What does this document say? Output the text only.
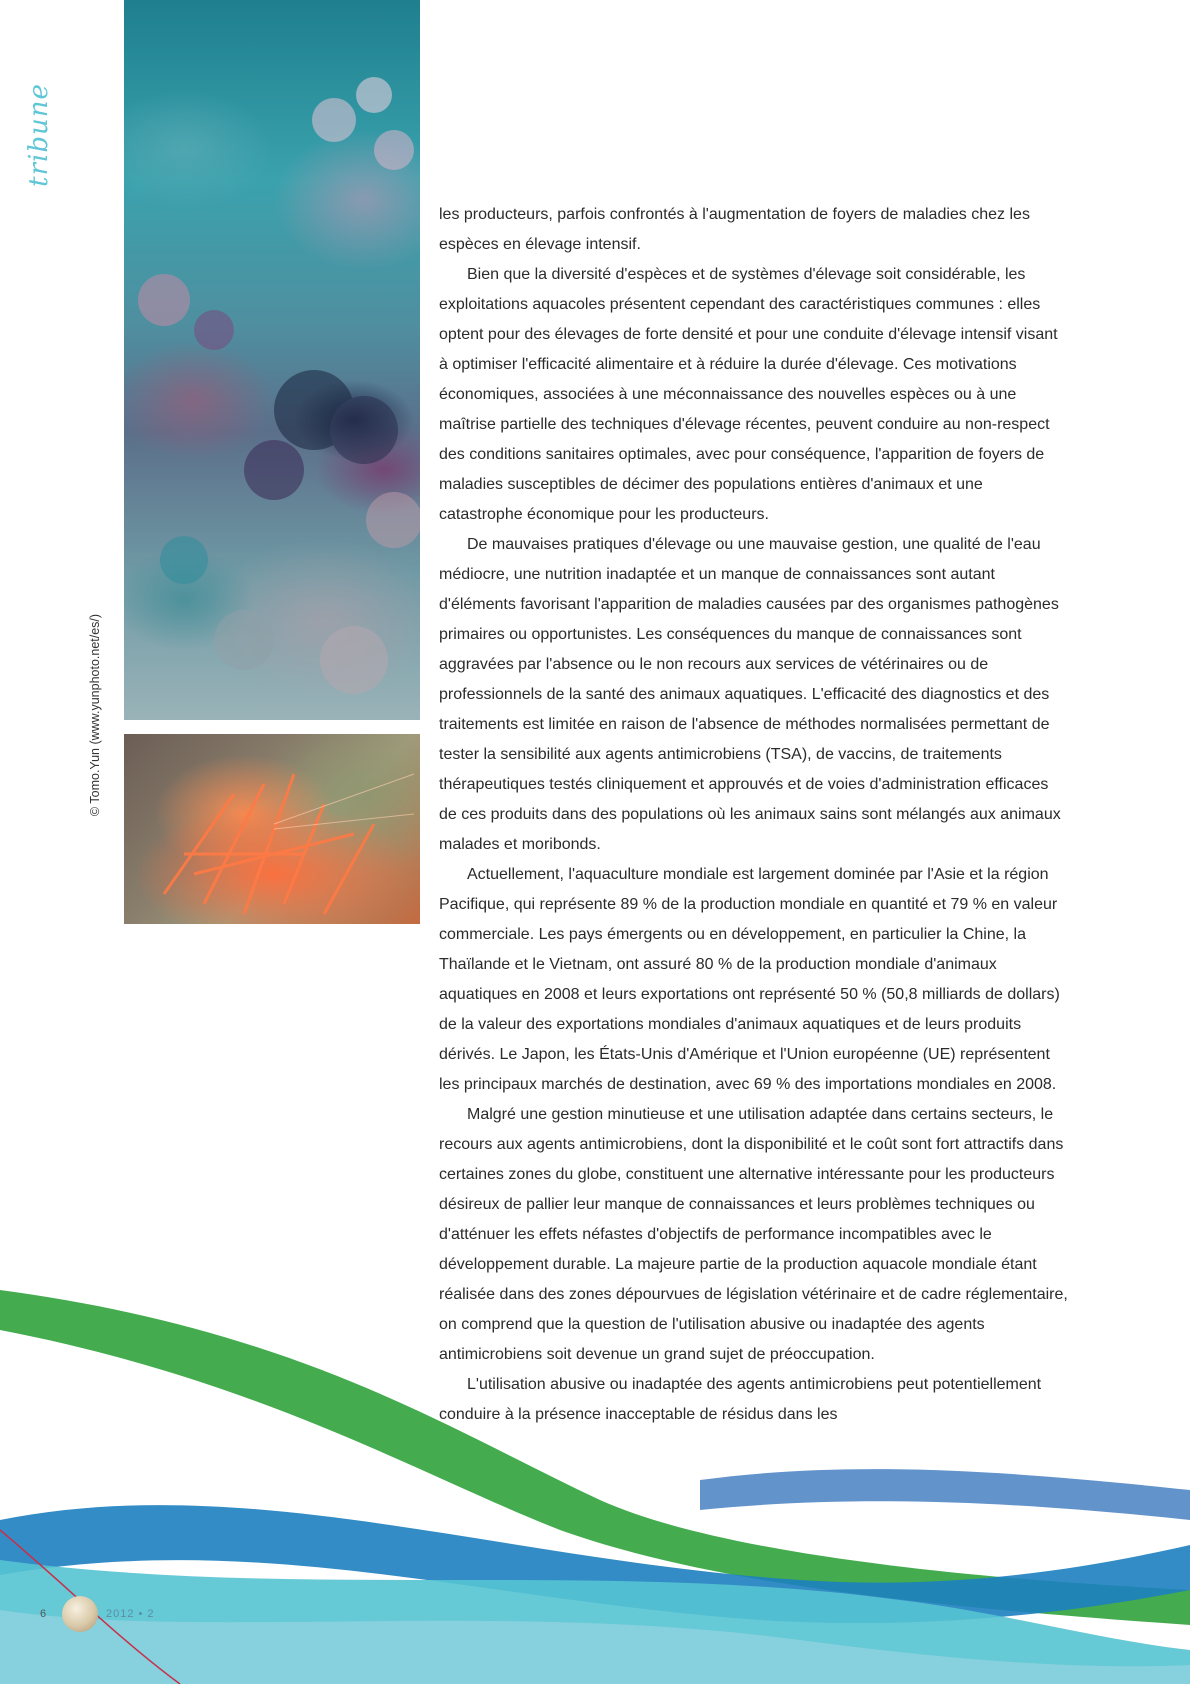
tribune
© Tomo.Yun (www.yunphoto.net/es/)

les producteurs, parfois confrontés à l'augmentation de foyers de maladies chez les espèces en élevage intensif.

Bien que la diversité d'espèces et de systèmes d'élevage soit considérable, les exploitations aquacoles présentent cependant des caractéristiques communes : elles optent pour des élevages de forte densité et pour une conduite d'élevage intensif visant à optimiser l'efficacité alimentaire et à réduire la durée d'élevage. Ces motivations économiques, associées à une méconnaissance des nouvelles espèces ou à une maîtrise partielle des techniques d'élevage récentes, peuvent conduire au non-respect des conditions sanitaires optimales, avec pour conséquence, l'apparition de foyers de maladies susceptibles de décimer des populations entières d'animaux et une catastrophe économique pour les producteurs.

De mauvaises pratiques d'élevage ou une mauvaise gestion, une qualité de l'eau médiocre, une nutrition inadaptée et un manque de connaissances sont autant d'éléments favorisant l'apparition de maladies causées par des organismes pathogènes primaires ou opportunistes. Les conséquences du manque de connaissances sont aggravées par l'absence ou le non recours aux services de vétérinaires ou de professionnels de la santé des animaux aquatiques. L'efficacité des diagnostics et des traitements est limitée en raison de l'absence de méthodes normalisées permettant de tester la sensibilité aux agents antimicrobiens (TSA), de vaccins, de traitements thérapeutiques testés cliniquement et approuvés et de voies d'administration efficaces de ces produits dans des populations où les animaux sains sont mélangés aux animaux malades et moribonds.

Actuellement, l'aquaculture mondiale est largement dominée par l'Asie et la région Pacifique, qui représente 89 % de la production mondiale en quantité et 79 % en valeur commerciale. Les pays émergents ou en développement, en particulier la Chine, la Thaïlande et le Vietnam, ont assuré 80 % de la production mondiale d'animaux aquatiques en 2008 et leurs exportations ont représenté 50 % (50,8 milliards de dollars) de la valeur des exportations mondiales d'animaux aquatiques et de leurs produits dérivés. Le Japon, les États-Unis d'Amérique et l'Union européenne (UE) représentent les principaux marchés de destination, avec 69 % des importations mondiales en 2008.

Malgré une gestion minutieuse et une utilisation adaptée dans certains secteurs, le recours aux agents antimicrobiens, dont la disponibilité et le coût sont fort attractifs dans certaines zones du globe, constituent une alternative intéressante pour les producteurs désireux de pallier leur manque de connaissances et leurs problèmes techniques ou d'atténuer les effets néfastes d'objectifs de performance incompatibles avec le développement durable. La majeure partie de la production aquacole mondiale étant réalisée dans des zones dépourvues de législation vétérinaire et de cadre réglementaire, on comprend que la question de l'utilisation abusive ou inadaptée des agents antimicrobiens soit devenue un grand sujet de préoccupation.

L'utilisation abusive ou inadaptée des agents antimicrobiens peut potentiellement conduire à la présence inacceptable de résidus dans les

6	2012 • 2
